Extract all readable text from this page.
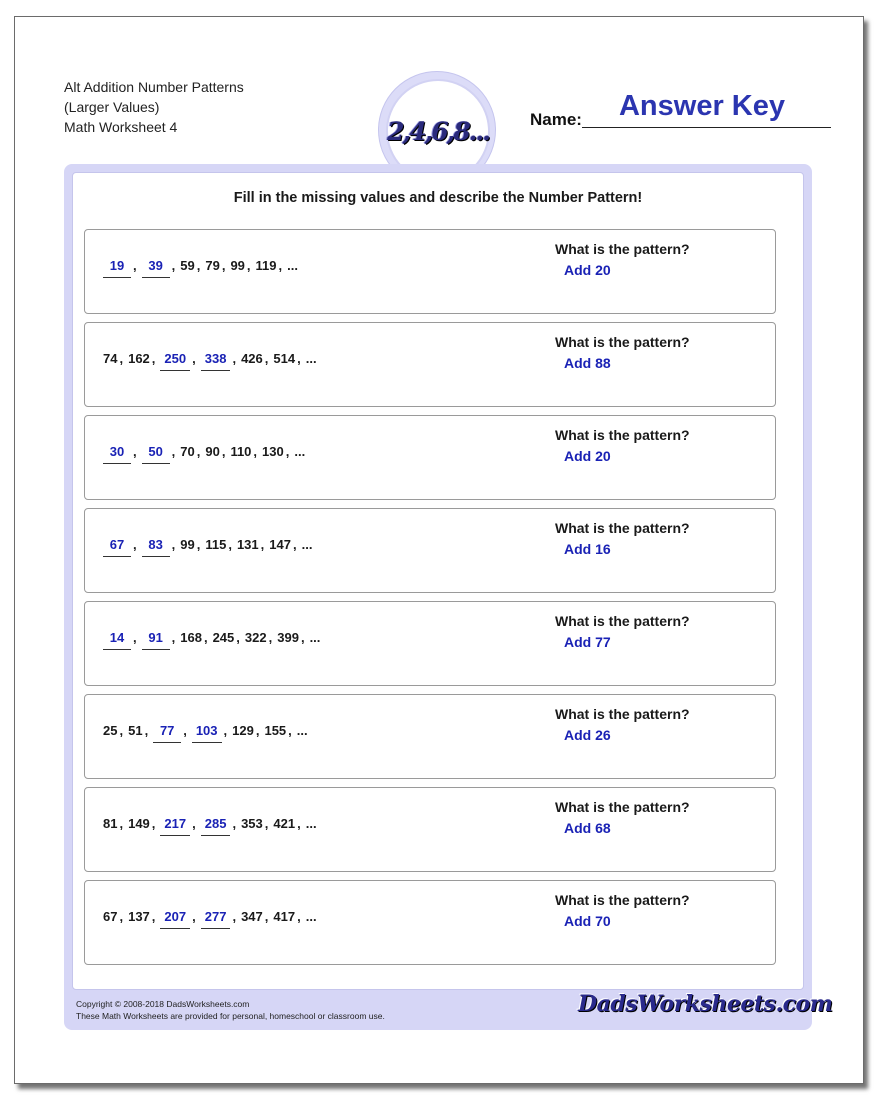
Alt Addition Number Patterns
(Larger Values)
Math Worksheet 4	2,4,6,8... Name:	Answer Key
Fill in the missing values and describe the Number Pattern!
19 , 39 , 59 , 79 , 99 , 119 , ...
What is the pattern?
Add 20
74 , 162 , 250 , 338 , 426 , 514 , ...
What is the pattern?
Add 88
30 , 50 , 70 , 90 , 110 , 130 , ...
What is the pattern?
Add 20
67 , 83 , 99 , 115 , 131 , 147 , ...
What is the pattern?
Add 16
14 , 91 , 168 , 245 , 322 , 399 , ...
What is the pattern?
Add 77
25 , 51 , 77 , 103 , 129 , 155 , ...
What is the pattern?
Add 26
81 , 149 , 217 , 285 , 353 , 421 , ...
What is the pattern?
Add 68
67 , 137 , 207 , 277 , 347 , 417 , ...
What is the pattern?
Add 70
Copyright © 2008-2018 DadsWorksheets.com
These Math Worksheets are provided for personal, homeschool or classroom use.	DadsWorksheets.com
